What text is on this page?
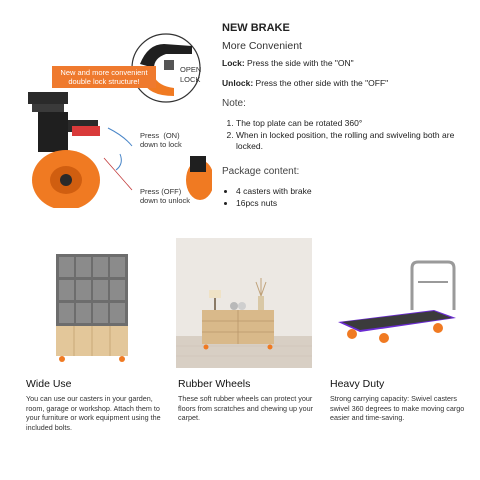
New and more convenient double lock structure!
OPEN
LOCK
Press  (ON)
down to lock
Press (OFF)
down to unlock
NEW BRAKE
More Convenient
Lock: Press the side with the "ON"
Unlock: Press the other side with the "OFF"
Note:
1. The top plate can be rotated 360°
2. When in locked position, the rolling and swiveling both are locked.
Package content:
• 4 casters with brake
• 16pcs nuts
Wide Use
You can use our casters in your garden, room, garage or workshop. Attach them to your furniture or work equipment using the included bolts.
Rubber Wheels
These soft rubber wheels can protect your floors from scratches and chewing up your carpet.
Heavy Duty
Strong carrying capacity: Swivel casters swivel 360 degrees to make moving cargo easier and time-saving.
